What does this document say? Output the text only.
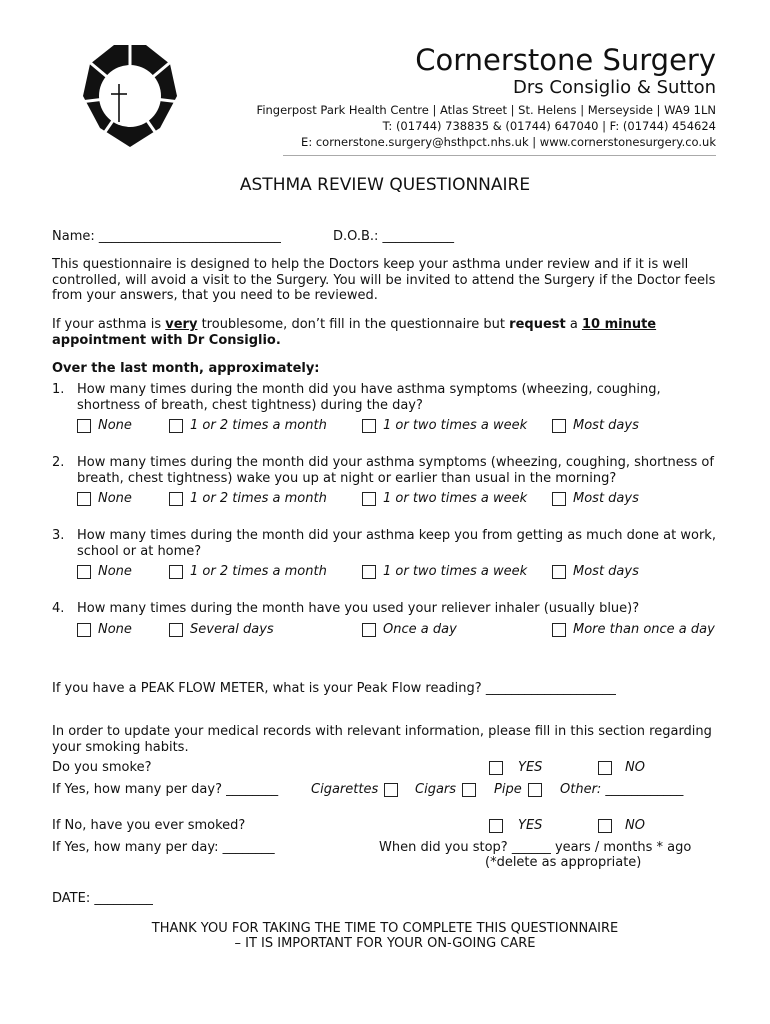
Cornerstone Surgery
Drs Consiglio & Sutton
Fingerpost Park Health Centre | Atlas Street | St. Helens | Merseyside | WA9 1LN
T: (01744) 738835 & (01744) 647040 | F: (01744) 454624
E: cornerstone.surgery@hsthpct.nhs.uk | www.cornerstonesurgery.co.uk
ASTHMA REVIEW QUESTIONNAIRE
Name: ____________________________	D.O.B.: ___________
This questionnaire is designed to help the Doctors keep your asthma under review and if it is well controlled, will avoid a visit to the Surgery. You will be invited to attend the Surgery if the Doctor feels from your answers, that you need to be reviewed.
If your asthma is very troublesome, don’t fill in the questionnaire but request a 10 minute
appointment with Dr Consiglio.
Over the last month, approximately:
1. How many times during the month did you have asthma symptoms (wheezing, coughing, shortness of breath, chest tightness) during the day?
None	1 or 2 times a month	1 or two times a week	Most days
2. How many times during the month did your asthma symptoms (wheezing, coughing, shortness of breath, chest tightness) wake you up at night or earlier than usual in the morning?
None	1 or 2 times a month	1 or two times a week	Most days
3. How many times during the month did your asthma keep you from getting as much done at work, school or at home?
None	1 or 2 times a month	1 or two times a week	Most days
4. How many times during the month have you used your reliever inhaler (usually blue)?
None	Several days	Once a day	More than once a day
If you have a PEAK FLOW METER, what is your Peak Flow reading? ____________________
In order to update your medical records with relevant information, please fill in this section regarding your smoking habits.
Do you smoke?	YES	NO
If Yes, how many per day? ________	Cigarettes	Cigars	Pipe	Other: ____________
If No, have you ever smoked?	YES	NO
If Yes, how many per day: ________	When did you stop? ______ years / months * ago
(*delete as appropriate)
DATE: _________
THANK YOU FOR TAKING THE TIME TO COMPLETE THIS QUESTIONNAIRE
– IT IS IMPORTANT FOR YOUR ON-GOING CARE
